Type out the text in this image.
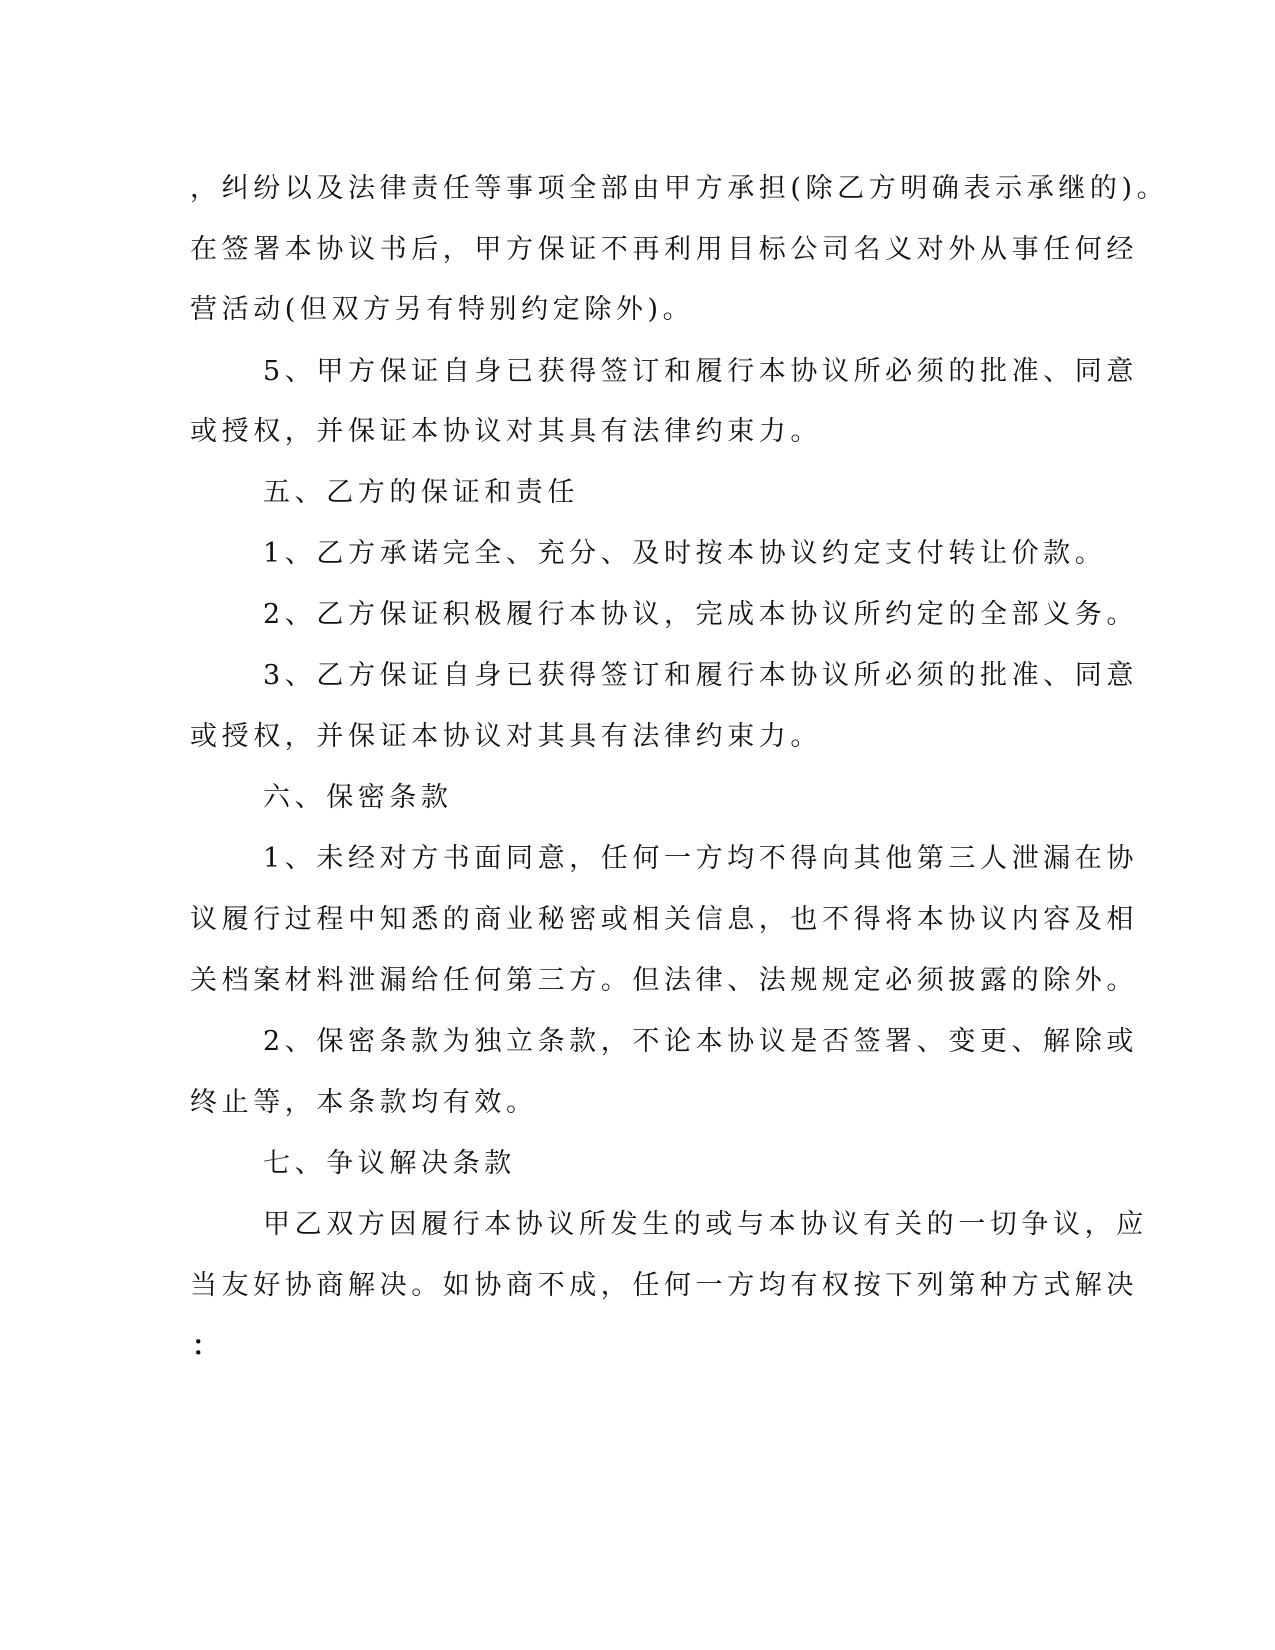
，纠纷以及法律责任等事项全部由甲方承担(除乙方明确表示承继的)。

在签署本协议书后，甲方保证不再利用目标公司名义对外从事任何经

营活动(但双方另有特别约定除外)。

5、甲方保证自身已获得签订和履行本协议所必须的批准、同意

或授权，并保证本协议对其具有法律约束力。

五、乙方的保证和责任

1、乙方承诺完全、充分、及时按本协议约定支付转让价款。

2、乙方保证积极履行本协议，完成本协议所约定的全部义务。

3、乙方保证自身已获得签订和履行本协议所必须的批准、同意

或授权，并保证本协议对其具有法律约束力。

六、保密条款

1、未经对方书面同意，任何一方均不得向其他第三人泄漏在协

议履行过程中知悉的商业秘密或相关信息，也不得将本协议内容及相

关档案材料泄漏给任何第三方。但法律、法规规定必须披露的除外。

2、保密条款为独立条款，不论本协议是否签署、变更、解除或

终止等，本条款均有效。

七、争议解决条款

甲乙双方因履行本协议所发生的或与本协议有关的一切争议，应

当友好协商解决。如协商不成，任何一方均有权按下列第种方式解决

：
